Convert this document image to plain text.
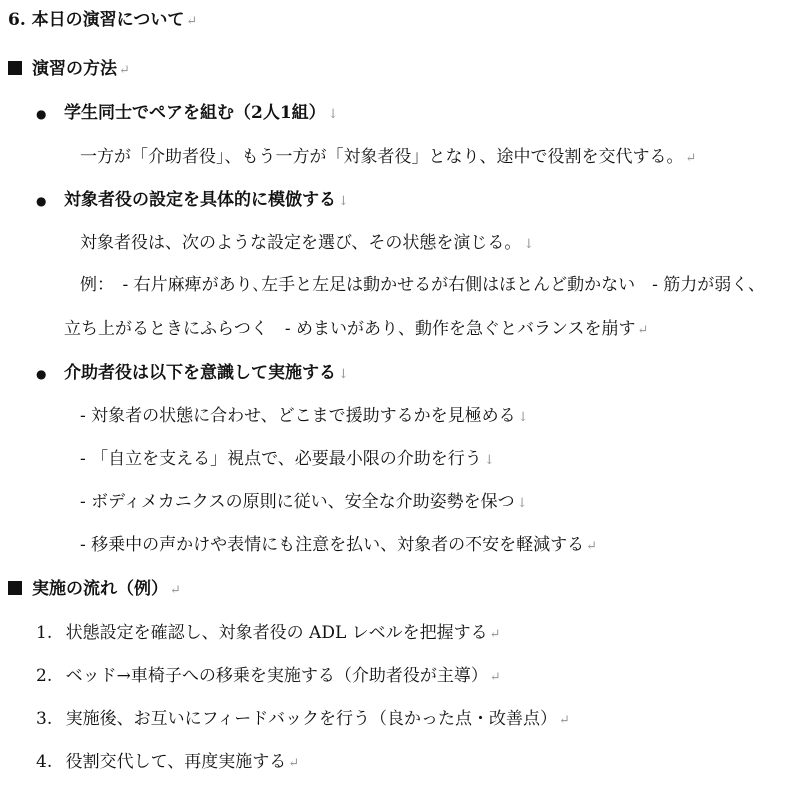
6. 本日の演習について ↵
演習の方法 ↵
● 学生同士でペアを組む（2人1組） ↓
一方が「介助者役」、もう一方が「対象者役」となり、途中で役割を交代する。 ↵
● 対象者役の設定を具体的に模倣する ↓
対象者役は、次のような設定を選び、その状態を演じる。 ↓
例：　‐ 右片麻痺があり､左手と左足は動かせるが右側はほとんど動かない　‐ 筋力が弱く、
立ち上がるときにふらつく　‐ めまいがあり、動作を急ぐとバランスを崩す ↵
● 介助者役は以下を意識して実施する ↓
‐ 対象者の状態に合わせ、どこまで援助するかを見極める ↓
‐ 「自立を支える」視点で、必要最小限の介助を行う ↓
‐ ボディメカニクスの原則に従い、安全な介助姿勢を保つ ↓
‐ 移乗中の声かけや表情にも注意を払い、対象者の不安を軽減する ↵
実施の流れ（例） ↵
1. 状態設定を確認し、対象者役の ADL レベルを把握する ↵
2. ベッド→車椅子への移乗を実施する（介助者役が主導） ↵
3. 実施後、お互いにフィードバックを行う（良かった点・改善点） ↵
4. 役割交代して、再度実施する ↵
